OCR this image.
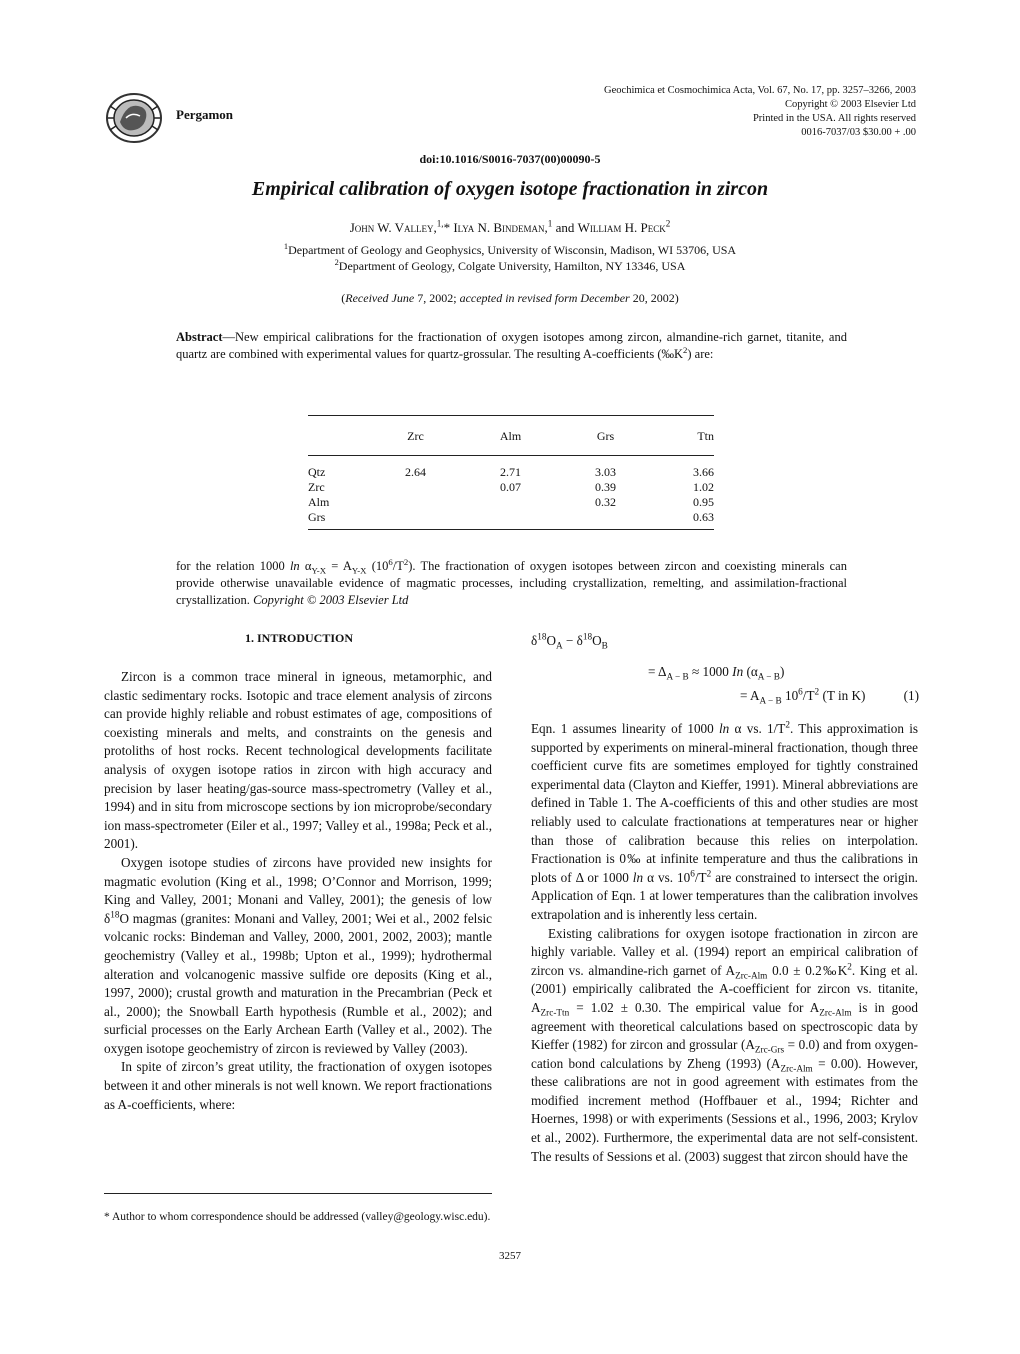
Geochimica et Cosmochimica Acta, Vol. 67, No. 17, pp. 3257–3266, 2003
Copyright © 2003 Elsevier Ltd
Printed in the USA. All rights reserved
0016-7037/03 $30.00 + .00
Pergamon
doi:10.1016/S0016-7037(00)00090-5
Empirical calibration of oxygen isotope fractionation in zircon
John W. Valley,$^{1,}$* Ilya N. Bindeman,$^1$ and William H. Peck$^2$
$^1$Department of Geology and Geophysics, University of Wisconsin, Madison, WI 53706, USA
$^2$Department of Geology, Colgate University, Hamilton, NY 13346, USA
(Received June 7, 2002; accepted in revised form December 20, 2002)
Abstract—New empirical calibrations for the fractionation of oxygen isotopes among zircon, almandine-rich garnet, titanite, and quartz are combined with experimental values for quartz-grossular. The resulting A-coefficients $(‰K^2)$ are:
	Zrc	Alm	Grs	Ttn
Qtz	2.64	2.71	3.03	3.66
Zrc		0.07	0.39	1.02
Alm			0.32	0.95
Grs				0.63
for the relation 1000 $\ln \alpha_{Y-X} = A_{Y-X}$ $(10^6/T^2)$. The fractionation of oxygen isotopes between zircon and coexisting minerals can provide otherwise unavailable evidence of magmatic processes, including crystallization, remelting, and assimilation-fractional crystallization. Copyright © 2003 Elsevier Ltd
1. INTRODUCTION

Zircon is a common trace mineral in igneous, metamorphic, and clastic sedimentary rocks. Isotopic and trace element analysis of zircons can provide highly reliable and robust estimates of age, compositions of coexisting minerals and melts, and constraints on the genesis and protoliths of host rocks. Recent technological developments facilitate analysis of oxygen isotope ratios in zircon with high accuracy and precision by laser heating/gas-source mass-spectrometry (Valley et al., 1994) and in situ from microscope sections by ion microprobe/secondary ion mass-spectrometer (Eiler et al., 1997; Valley et al., 1998a; Peck et al., 2001).

Oxygen isotope studies of zircons have provided new insights for magmatic evolution (King et al., 1998; O’Connor and Morrison, 1999; King and Valley, 2001; Monani and Valley, 2001); the genesis of low $\delta^{18}O$ magmas (granites: Monani and Valley, 2001; Wei et al., 2002 felsic volcanic rocks: Bindeman and Valley, 2000, 2001, 2002, 2003); mantle geochemistry (Valley et al., 1998b; Upton et al., 1999); hydrothermal alteration and volcanogenic massive sulfide ore deposits (King et al., 1997, 2000); crustal growth and maturation in the Precambrian (Peck et al., 2000); the Snowball Earth hypothesis (Rumble et al., 2002); and surficial processes on the Early Archean Earth (Valley et al., 2002). The oxygen isotope geochemistry of zircon is reviewed by Valley (2003).

In spite of zircon’s great utility, the fractionation of oxygen isotopes between it and other minerals is not well known. We report fractionations as A-coefficients, where:

* Author to whom correspondence should be addressed (valley@geology.wisc.edu).
$\delta^{18}O_A - \delta^{18}O_B$
= $\Delta_{A - B} \approx 1000$ In $(\alpha_{A - B})$
= $A_{A - B}$ $10^6/T^2$ (T in K)	(1)

Eqn. 1 assumes linearity of 1000 ln α vs. $1/T^2$. This approximation is supported by experiments on mineral-mineral fractionation, though three coefficient curve fits are sometimes employed for tightly constrained experimental data (Clayton and Kieffer, 1991). Mineral abbreviations are defined in Table 1. The A-coefficients of this and other studies are most reliably used to calculate fractionations at temperatures near or higher than those of calibration because this relies on interpolation. Fractionation is 0‰ at infinite temperature and thus the calibrations in plots of Δ or 1000 ln α vs. $10^6/T^2$ are constrained to intersect the origin. Application of Eqn. 1 at lower temperatures than the calibration involves extrapolation and is inherently less certain.

Existing calibrations for oxygen isotope fractionation in zircon are highly variable. Valley et al. (1994) report an empirical calibration of zircon vs. almandine-rich garnet of $A_{Zrc-Alm}$ $0.0 \pm 0.2‰K^2$. King et al. (2001) empirically calibrated the A-coefficient for zircon vs. titanite, $A_{Zrc-Ttn} = 1.02 \pm 0.30$. The empirical value for $A_{Zrc-Alm}$ is in good agreement with theoretical calculations based on spectroscopic data by Kieffer (1982) for zircon and grossular $(A_{Zrc-Grs} = 0.0)$ and from oxygen-cation bond calculations by Zheng (1993) $(A_{Zrc-Alm} = 0.00)$. However, these calibrations are not in good agreement with estimates from the modified increment method (Hoffbauer et al., 1994; Richter and Hoernes, 1998) or with experiments (Sessions et al., 1996, 2003; Krylov et al., 2002). Furthermore, the experimental data are not self-consistent. The results of Sessions et al. (2003) suggest that zircon should have the

3257
